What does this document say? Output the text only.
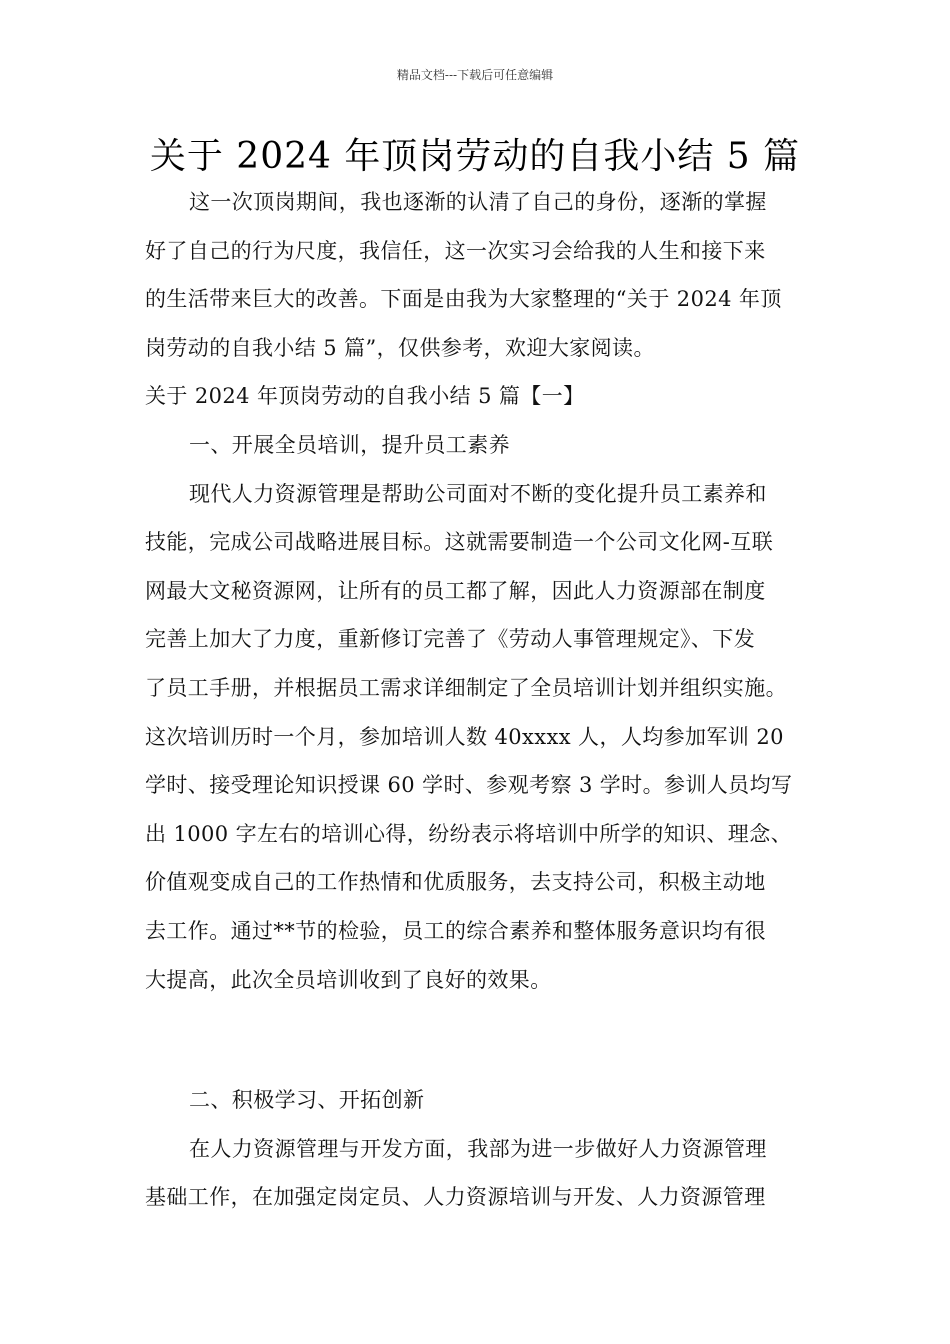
精品文档---下载后可任意编辑
关于 2024 年顶岗劳动的自我小结 5 篇
这一次顶岗期间，我也逐渐的认清了自己的身份，逐渐的掌握
好了自己的行为尺度，我信任，这一次实习会给我的人生和接下来
的生活带来巨大的改善。下面是由我为大家整理的“关于 2024 年顶
岗劳动的自我小结 5 篇”，仅供参考，欢迎大家阅读。
关于 2024 年顶岗劳动的自我小结 5 篇【一】
一、开展全员培训，提升员工素养
现代人力资源管理是帮助公司面对不断的变化提升员工素养和
技能，完成公司战略进展目标。这就需要制造一个公司文化网-互联
网最大文秘资源网，让所有的员工都了解，因此人力资源部在制度
完善上加大了力度，重新修订完善了《劳动人事管理规定》、下发
了员工手册，并根据员工需求详细制定了全员培训计划并组织实施。
这次培训历时一个月，参加培训人数 40xxxx 人，人均参加军训 20
学时、接受理论知识授课 60 学时、参观考察 3 学时。参训人员均写
出 1000 字左右的培训心得，纷纷表示将培训中所学的知识、理念、
价值观变成自己的工作热情和优质服务，去支持公司，积极主动地
去工作。通过**节的检验，员工的综合素养和整体服务意识均有很
大提高，此次全员培训收到了良好的效果。
二、积极学习、开拓创新
在人力资源管理与开发方面，我部为进一步做好人力资源管理
基础工作，在加强定岗定员、人力资源培训与开发、人力资源管理
